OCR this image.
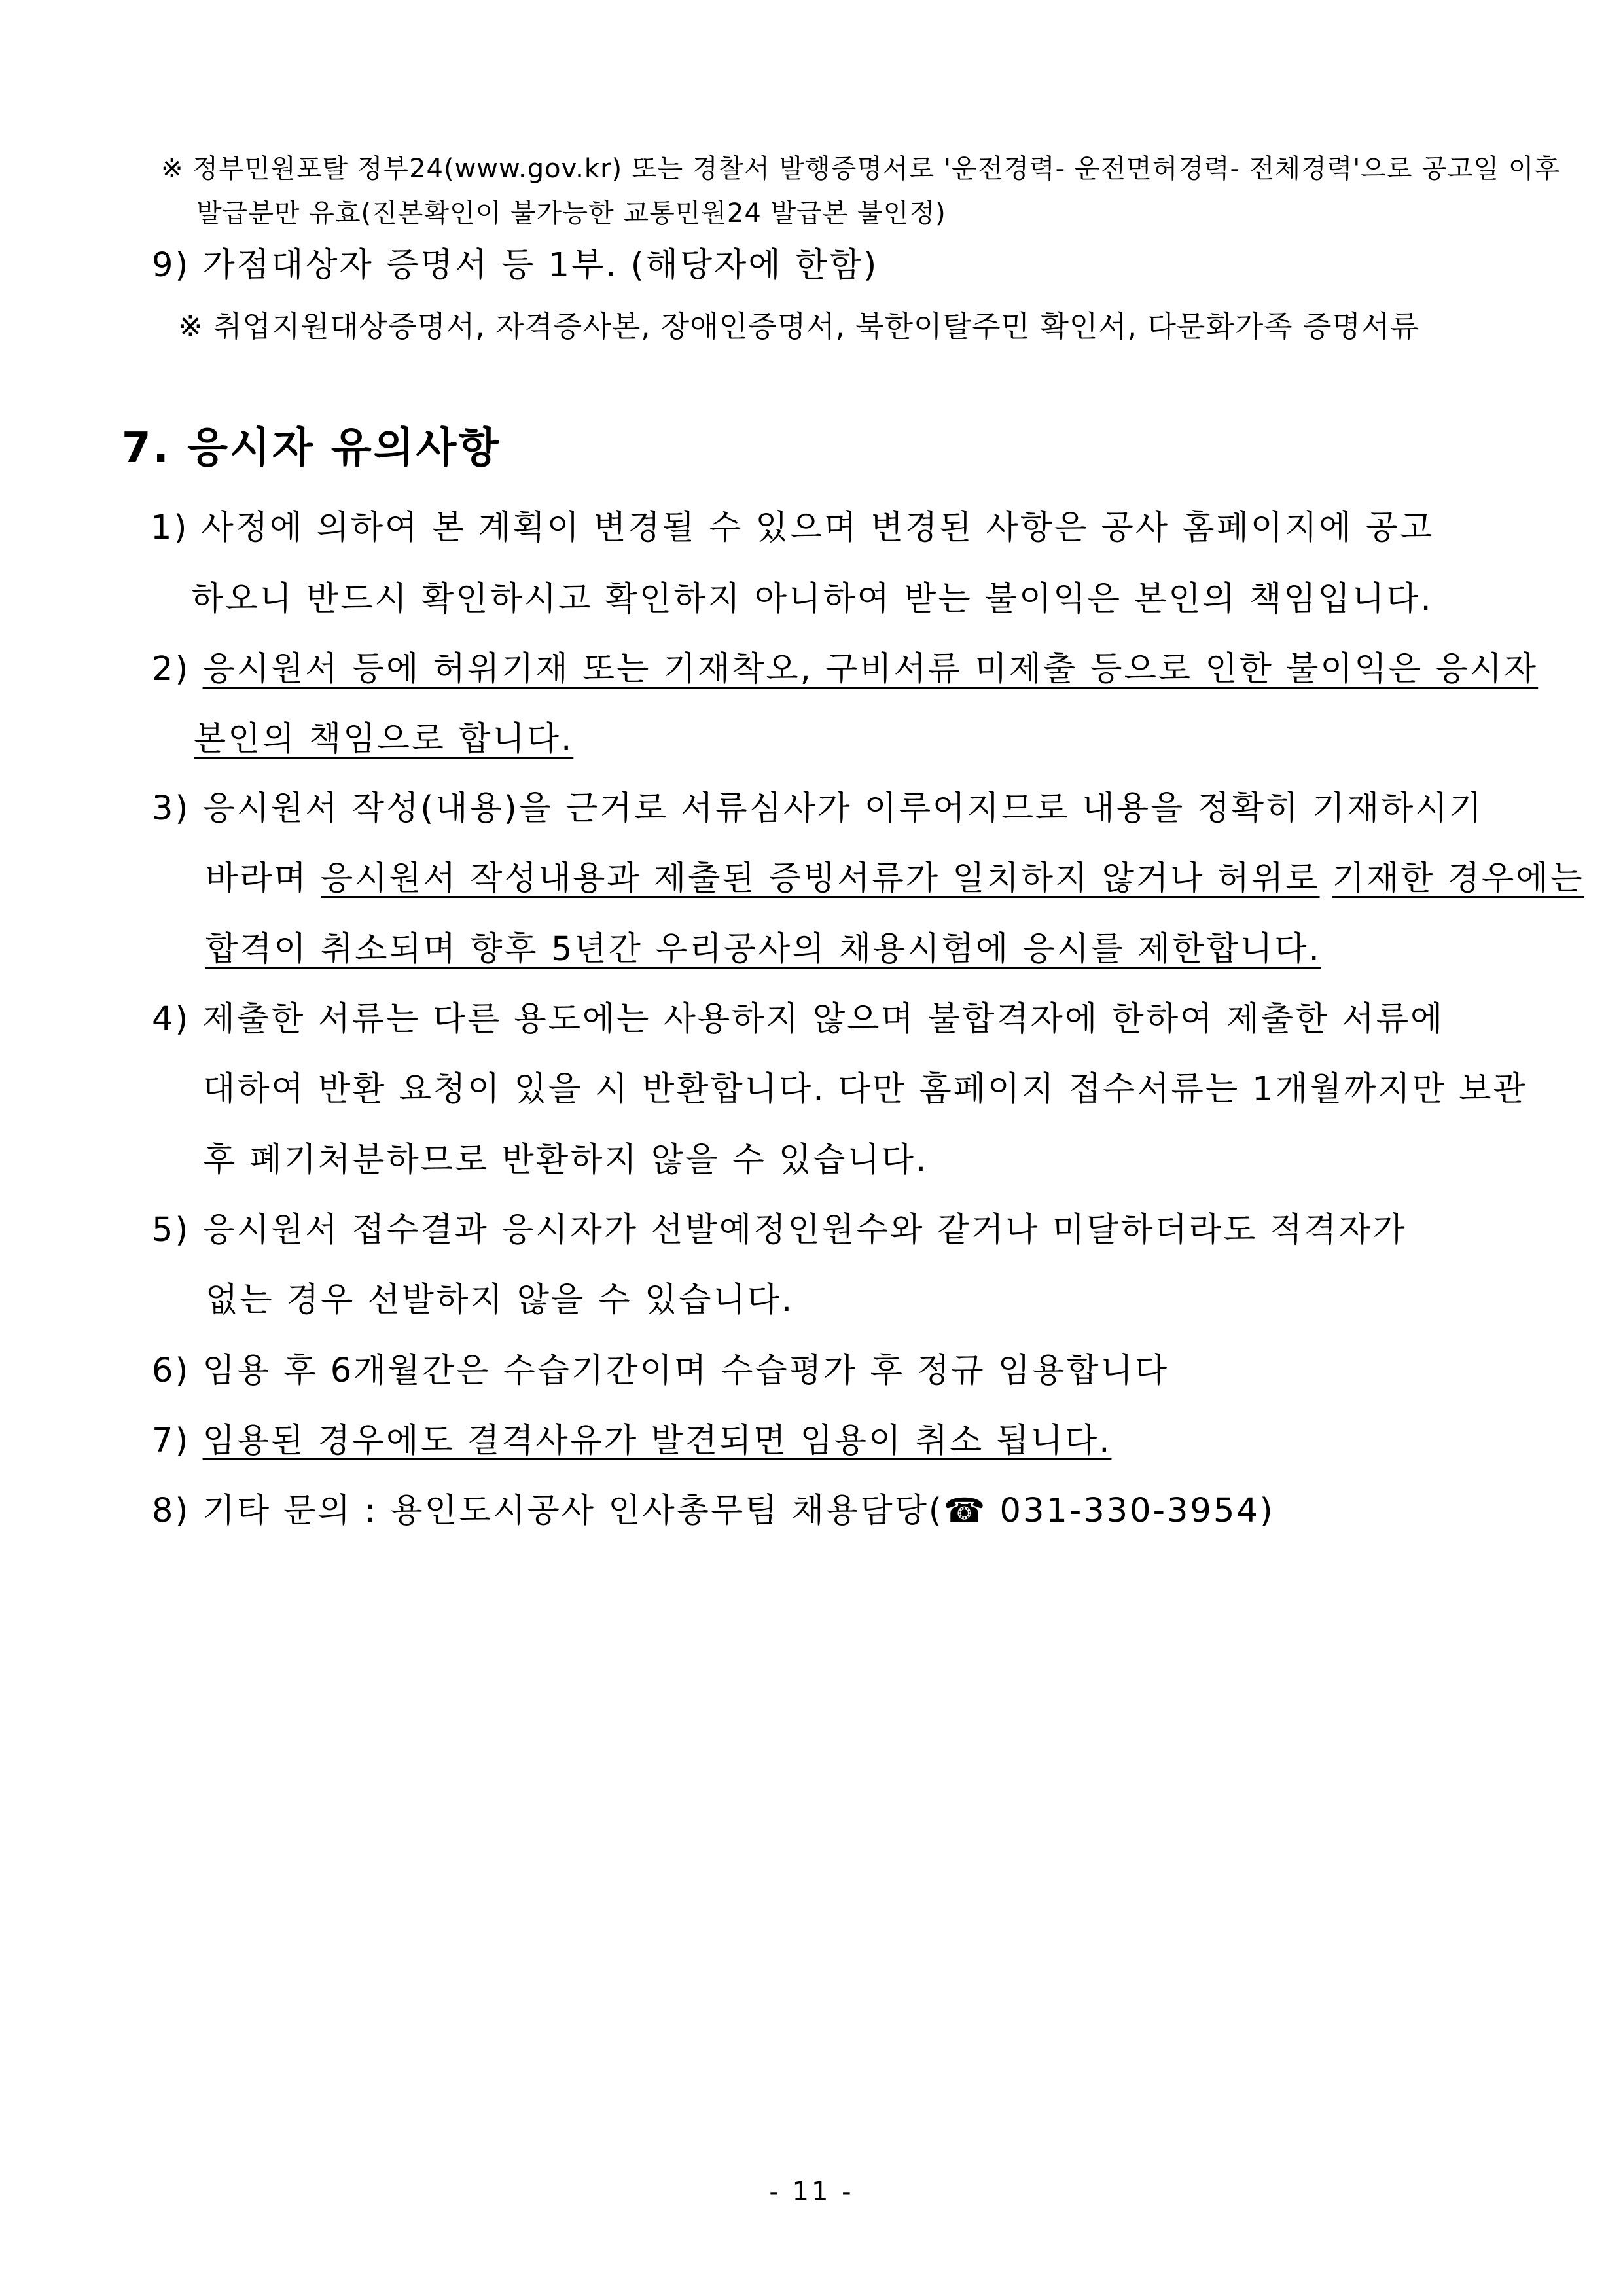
※ 정부민원포탈 정부24(www.gov.kr) 또는 경찰서 발행증명서로 '운전경력- 운전면허경력- 전체경력'으로 공고일 이후
발급분만 유효(진본확인이 불가능한 교통민원24 발급본 불인정)
9) 가점대상자 증명서 등 1부. (해당자에 한함)
※ 취업지원대상증명서, 자격증사본, 장애인증명서, 북한이탈주민 확인서, 다문화가족 증명서류
7. 응시자 유의사항
1) 사정에 의하여 본 계획이 변경될 수 있으며 변경된 사항은 공사 홈페이지에 공고
하오니 반드시 확인하시고 확인하지 아니하여 받는 불이익은 본인의 책임입니다.
2) 응시원서 등에 허위기재 또는 기재착오, 구비서류 미제출 등으로 인한 불이익은 응시자
본인의 책임으로 합니다.
3) 응시원서 작성(내용)을 근거로 서류심사가 이루어지므로 내용을 정확히 기재하시기
바라며 응시원서 작성내용과 제출된 증빙서류가 일치하지 않거나 허위로 기재한 경우에는
합격이 취소되며 향후 5년간 우리공사의 채용시험에 응시를 제한합니다.
4) 제출한 서류는 다른 용도에는 사용하지 않으며 불합격자에 한하여 제출한 서류에
대하여 반환 요청이 있을 시 반환합니다. 다만 홈페이지 접수서류는 1개월까지만 보관
후 폐기처분하므로 반환하지 않을 수 있습니다.
5) 응시원서 접수결과 응시자가 선발예정인원수와 같거나 미달하더라도 적격자가
없는 경우 선발하지 않을 수 있습니다.
6) 임용 후 6개월간은 수습기간이며 수습평가 후 정규 임용합니다
7) 임용된 경우에도 결격사유가 발견되면 임용이 취소 됩니다.
8) 기타 문의 : 용인도시공사 인사총무팀 채용담당(☎ 031-330-3954)
- 11 -
